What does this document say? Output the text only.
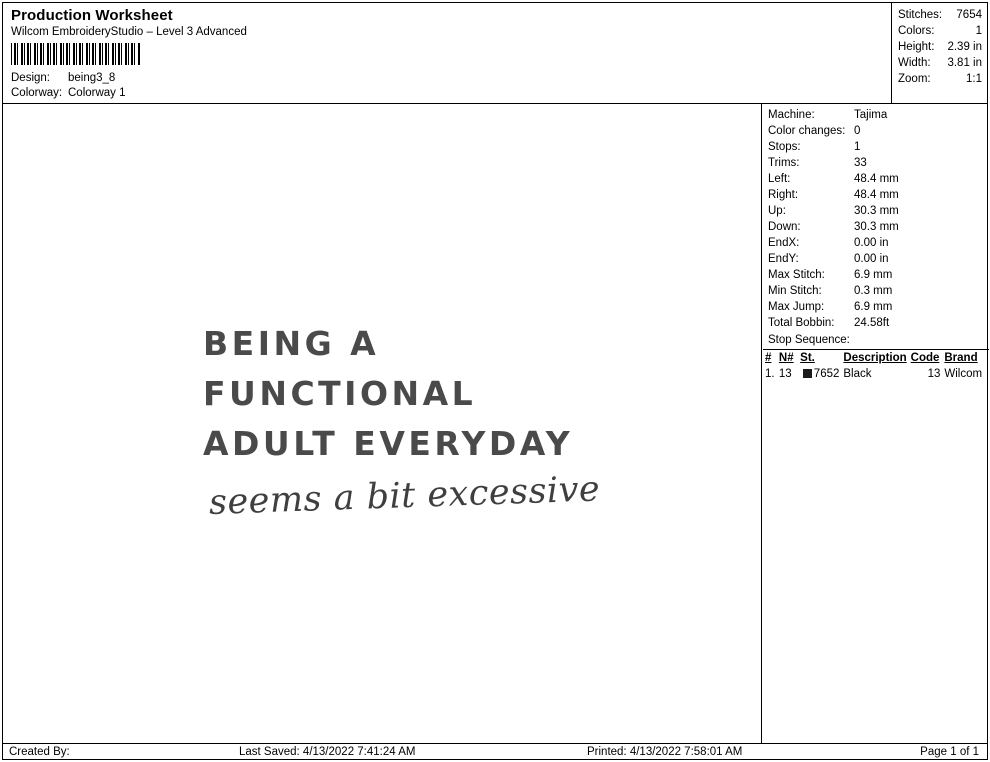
Production Worksheet
Wilcom EmbroideryStudio – Level 3 Advanced
Design:	being3_8
Colorway: Colorway 1
Stitches:	7654
Colors:	1
Height:	2.39 in
Width:	3.81 in
Zoom:	1:1
BEING A
FUNCTIONAL
ADULT EVERYDAY
seems a bit excessive
Machine:	Tajima
Color changes: 0
Stops:	1
Trims:	33
Left:	48.4 mm
Right:	48.4 mm
Up:	30.3 mm
Down:	30.3 mm
EndX:	0.00 in
EndY:	0.00 in
Max Stitch:	6.9 mm
Min Stitch:	0.3 mm
Max Jump:	6.9 mm
Total Bobbin:	24.58ft
Stop Sequence:
#	N#	St.	Description	Code	Brand
1.	13	7652	Black	13	Wilcom
Created By:	Last Saved: 4/13/2022 7:41:24 AM	Printed: 4/13/2022 7:58:01 AM	Page 1 of 1
